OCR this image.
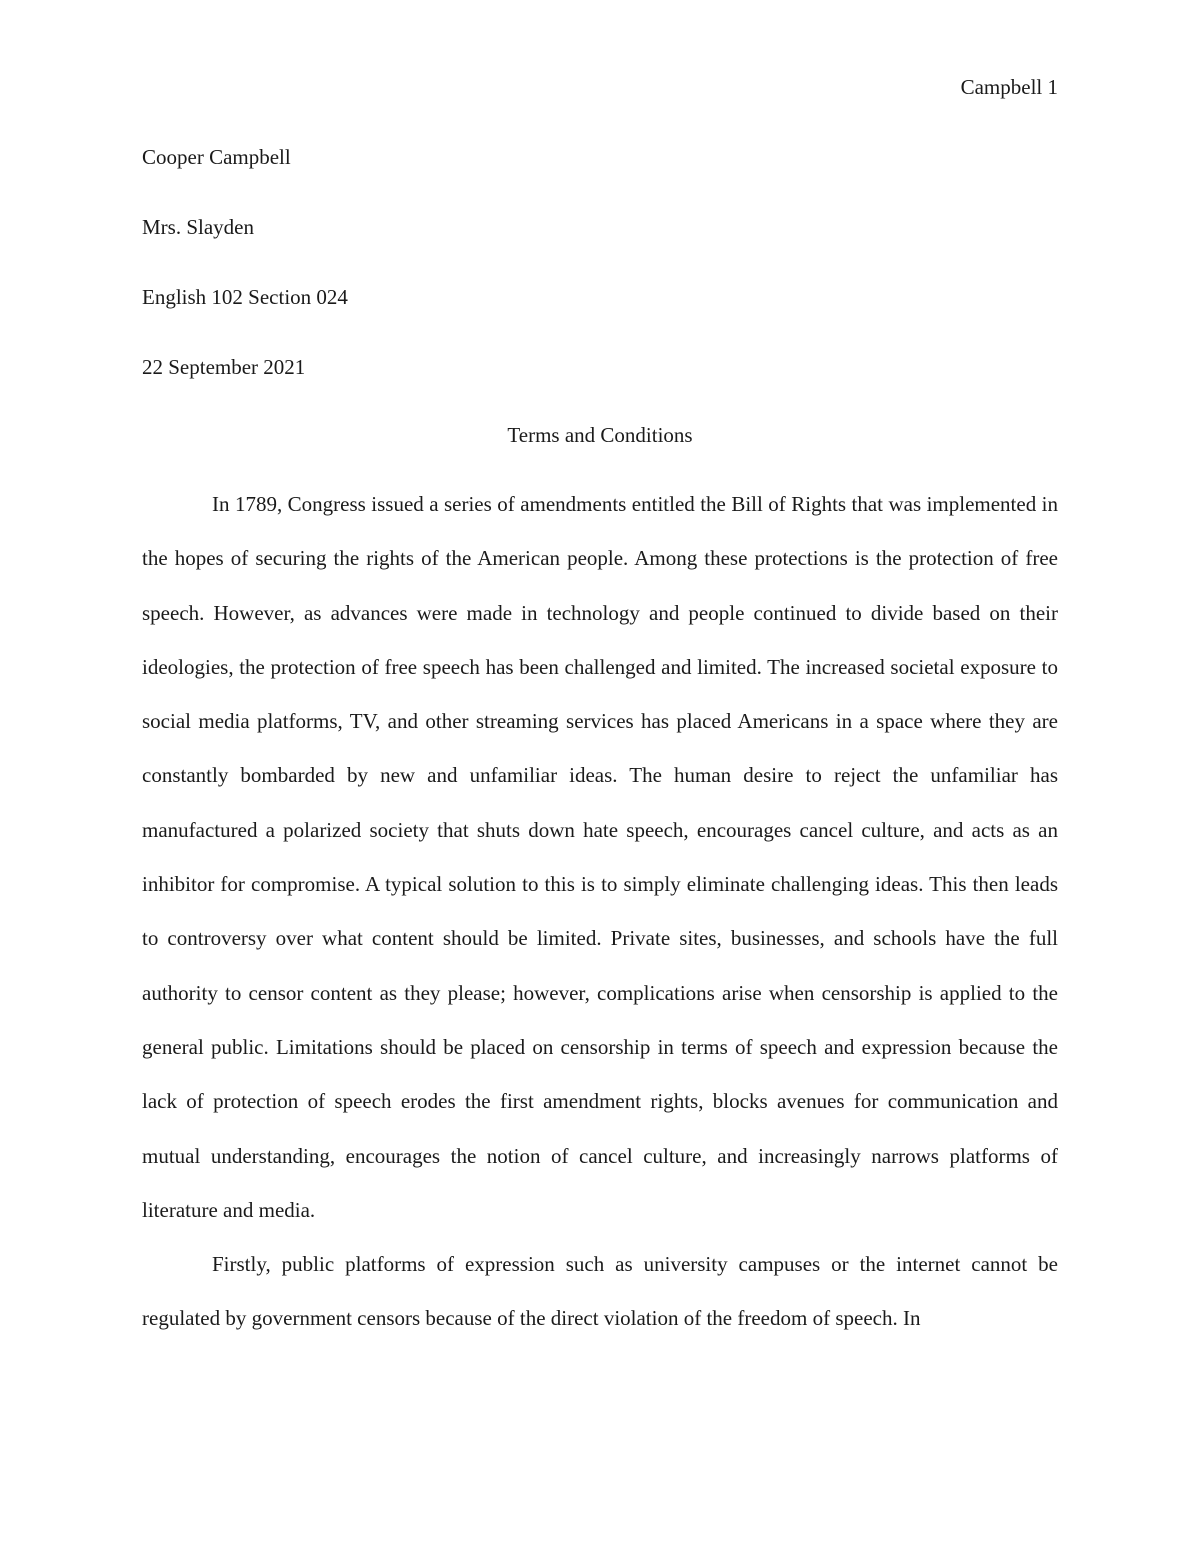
Campbell 1
Cooper Campbell
Mrs. Slayden
English 102 Section 024
22 September 2021
Terms and Conditions

In 1789, Congress issued a series of amendments entitled the Bill of Rights that was implemented in the hopes of securing the rights of the American people. Among these protections is the protection of free speech. However, as advances were made in technology and people continued to divide based on their ideologies, the protection of free speech has been challenged and limited. The increased societal exposure to social media platforms, TV, and other streaming services has placed Americans in a space where they are constantly bombarded by new and unfamiliar ideas. The human desire to reject the unfamiliar has manufactured a polarized society that shuts down hate speech, encourages cancel culture, and acts as an inhibitor for compromise. A typical solution to this is to simply eliminate challenging ideas. This then leads to controversy over what content should be limited. Private sites, businesses, and schools have the full authority to censor content as they please; however, complications arise when censorship is applied to the general public. Limitations should be placed on censorship in terms of speech and expression because the lack of protection of speech erodes the first amendment rights, blocks avenues for communication and mutual understanding, encourages the notion of cancel culture, and increasingly narrows platforms of literature and media.

Firstly, public platforms of expression such as university campuses or the internet cannot be regulated by government censors because of the direct violation of the freedom of speech. In
